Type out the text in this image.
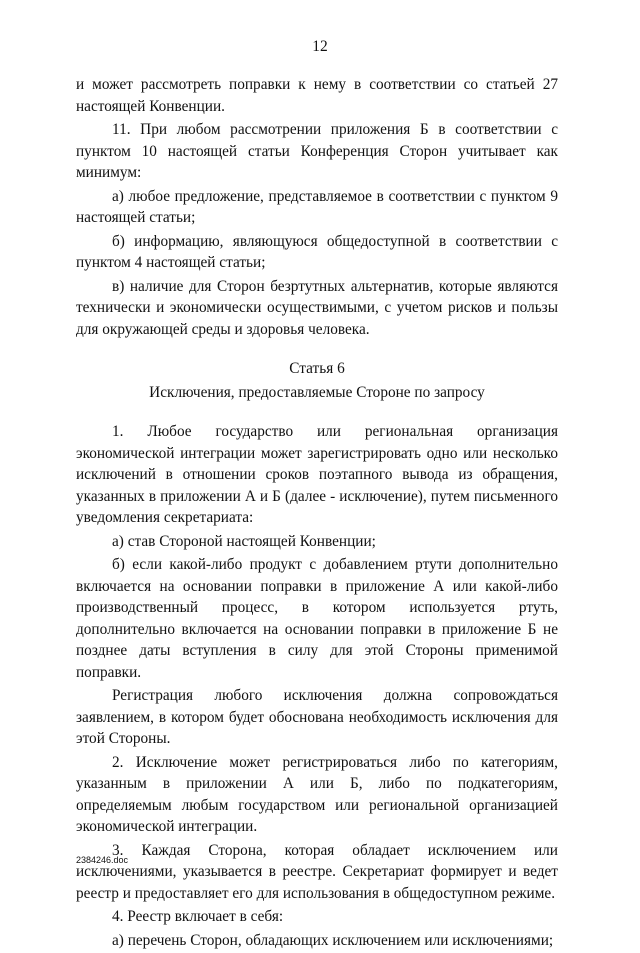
12

и может рассмотреть поправки к нему в соответствии со статьей 27 настоящей Конвенции.

11. При любом рассмотрении приложения Б в соответствии с пунктом 10 настоящей статьи Конференция Сторон учитывает как минимум:

а) любое предложение, представляемое в соответствии с пунктом 9 настоящей статьи;

б) информацию, являющуюся общедоступной в соответствии с пунктом 4 настоящей статьи;

в) наличие для Сторон безртутных альтернатив, которые являются технически и экономически осуществимыми, с учетом рисков и пользы для окружающей среды и здоровья человека.

Статья 6

Исключения, предоставляемые Стороне по запросу

1. Любое государство или региональная организация экономической интеграции может зарегистрировать одно или несколько исключений в отношении сроков поэтапного вывода из обращения, указанных в приложении А и Б (далее - исключение), путем письменного уведомления секретариата:

а) став Стороной настоящей Конвенции;

б) если какой-либо продукт с добавлением ртути дополнительно включается на основании поправки в приложение А или какой-либо производственный процесс, в котором используется ртуть, дополнительно включается на основании поправки в приложение Б не позднее даты вступления в силу для этой Стороны применимой поправки.

Регистрация любого исключения должна сопровождаться заявлением, в котором будет обоснована необходимость исключения для этой Стороны.

2. Исключение может регистрироваться либо по категориям, указанным в приложении А или Б, либо по подкатегориям, определяемым любым государством или региональной организацией экономической интеграции.

3. Каждая Сторона, которая обладает исключением или исключениями, указывается в реестре. Секретариат формирует и ведет реестр и предоставляет его для использования в общедоступном режиме.

4. Реестр включает в себя:

а) перечень Сторон, обладающих исключением или исключениями;

2384246.doc
